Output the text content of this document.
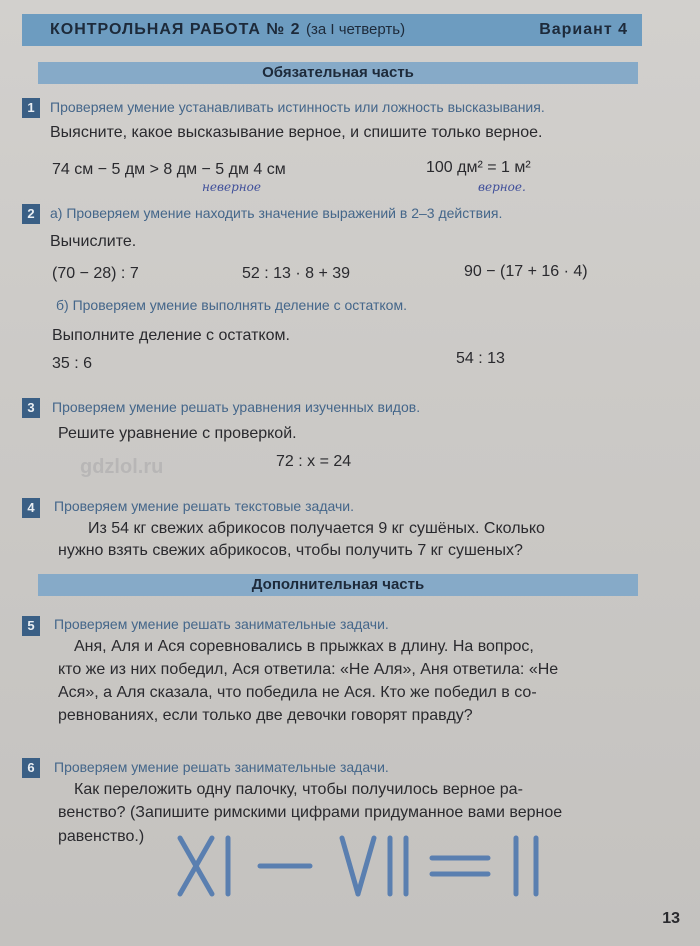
КОНТРОЛЬНАЯ РАБОТА № 2 (за I четверть)	Вариант 4
Обязательная часть
1	Проверяем умение устанавливать истинность или ложность высказывания.
Выясните, какое высказывание верное, и спишите только верное.
74 см − 5 дм > 8 дм − 5 дм 4 см	100 дм² = 1 м²
неверное	верное.
2	а) Проверяем умение находить значение выражений в 2–3 действия.
Вычислите.
(70 − 28) : 7	52 : 13 · 8 + 39	90 − (17 + 16 · 4)
б) Проверяем умение выполнять деление с остатком.
Выполните деление с остатком.
35 : 6	54 : 13
3	Проверяем умение решать уравнения изученных видов.
Решите уравнение с проверкой.
72 : x = 24
4	Проверяем умение решать текстовые задачи.
Из 54 кг свежих абрикосов получается 9 кг сушёных. Сколько
нужно взять свежих абрикосов, чтобы получить 7 кг сушеных?
Дополнительная часть
5	Проверяем умение решать занимательные задачи.
Аня, Аля и Ася соревновались в прыжках в длину. На вопрос,
кто же из них победил, Ася ответила: «Не Аля», Аня ответила: «Не
Ася», а Аля сказала, что победила не Ася. Кто же победил в со-
ревнованиях, если только две девочки говорят правду?
6	Проверяем умение решать занимательные задачи.
Как переложить одну палочку, чтобы получилось верное ра-
венство? (Запишите римскими цифрами придуманное вами верное
равенство.)
gdzlol.ru
13
